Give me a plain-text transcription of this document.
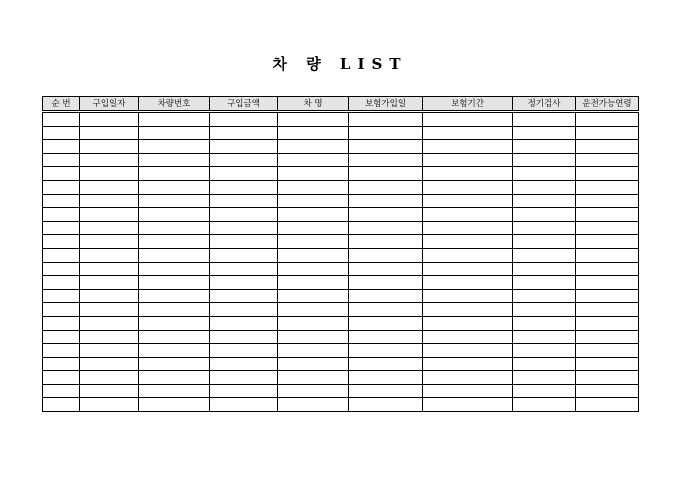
차 량 LIST
순 번	구입일자	차량번호	구입금액	차 명	보험가입일	보험기간	정기검사	운전가능연령
